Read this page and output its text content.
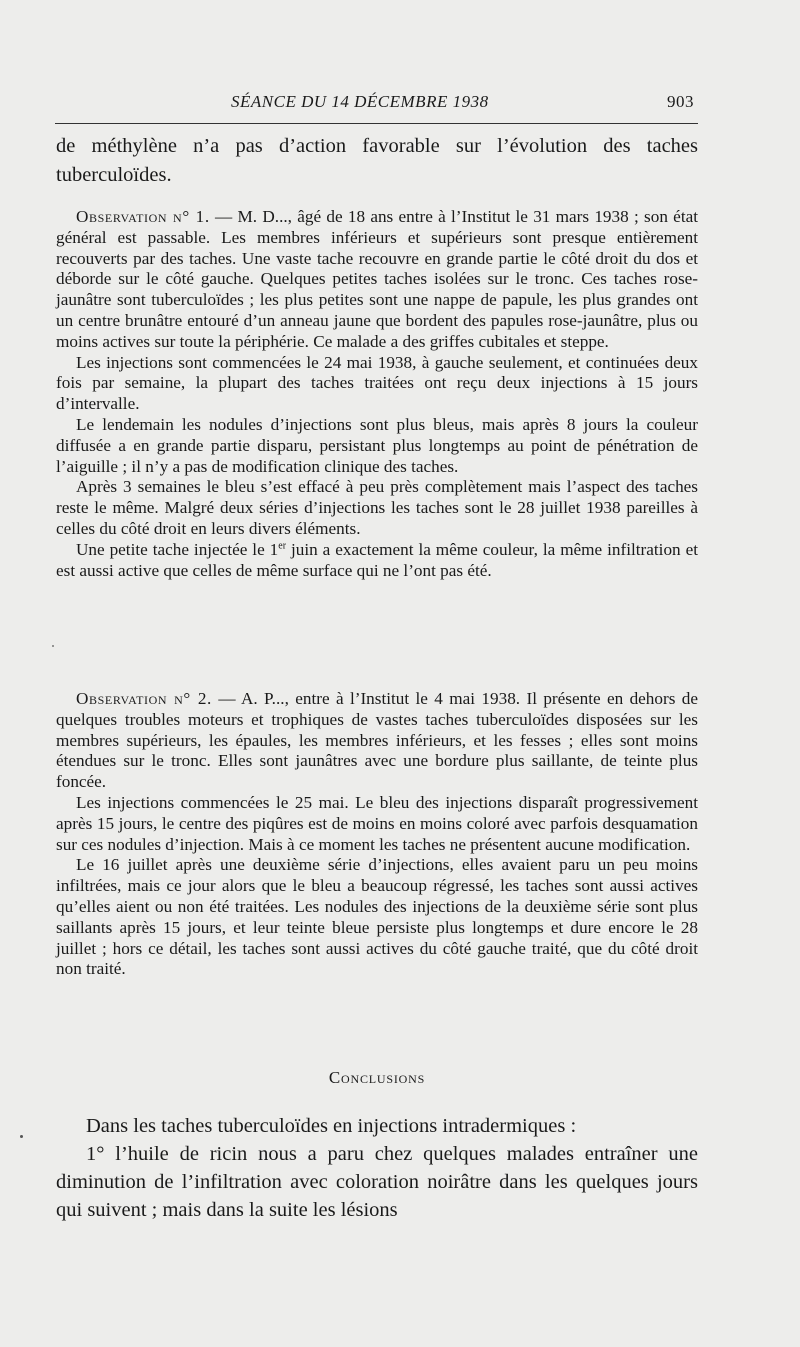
SÉANCE DU 14 DÉCEMBRE 1938	903

de méthylène n’a pas d’action favorable sur l’évolution des taches tuberculoïdes.

Observation n° 1. — M. D..., âgé de 18 ans entre à l’Institut le 31 mars 1938 ; son état général est passable. Les membres inférieurs et supérieurs sont presque entièrement recouverts par des taches. Une vaste tache recouvre en grande partie le côté droit du dos et déborde sur le côté gauche. Quelques petites taches isolées sur le tronc. Ces taches rose-jaunâtre sont tuberculoïdes ; les plus petites sont une nappe de papule, les plus grandes ont un centre brunâtre entouré d’un anneau jaune que bordent des papules rose-jaunâtre, plus ou moins actives sur toute la périphérie. Ce malade a des griffes cubitales et steppe.

Les injections sont commencées le 24 mai 1938, à gauche seulement, et continuées deux fois par semaine, la plupart des taches traitées ont reçu deux injections à 15 jours d’intervalle.

Le lendemain les nodules d’injections sont plus bleus, mais après 8 jours la couleur diffusée a en grande partie disparu, persistant plus longtemps au point de pénétration de l’aiguille ; il n’y a pas de modification clinique des taches.

Après 3 semaines le bleu s’est effacé à peu près complètement mais l’aspect des taches reste le même. Malgré deux séries d’injections les taches sont le 28 juillet 1938 pareilles à celles du côté droit en leurs divers éléments.

Une petite tache injectée le 1er juin a exactement la même couleur, la même infiltration et est aussi active que celles de même surface qui ne l’ont pas été.

Observation n° 2. — A. P..., entre à l’Institut le 4 mai 1938. Il présente en dehors de quelques troubles moteurs et trophiques de vastes taches tuberculoïdes disposées sur les membres supérieurs, les épaules, les membres inférieurs, et les fesses ; elles sont moins étendues sur le tronc. Elles sont jaunâtres avec une bordure plus saillante, de teinte plus foncée.

Les injections commencées le 25 mai. Le bleu des injections disparaît progressivement après 15 jours, le centre des piqûres est de moins en moins coloré avec parfois desquamation sur ces nodules d’injection. Mais à ce moment les taches ne présentent aucune modification.

Le 16 juillet après une deuxième série d’injections, elles avaient paru un peu moins infiltrées, mais ce jour alors que le bleu a beaucoup régressé, les taches sont aussi actives qu’elles aient ou non été traitées. Les nodules des injections de la deuxième série sont plus saillants après 15 jours, et leur teinte bleue persiste plus longtemps et dure encore le 28 juillet ; hors ce détail, les taches sont aussi actives du côté gauche traité, que du côté droit non traité.

Conclusions

Dans les taches tuberculoïdes en injections intradermiques :

1° l’huile de ricin nous a paru chez quelques malades entraîner une diminution de l’infiltration avec coloration noirâtre dans les quelques jours qui suivent ; mais dans la suite les lésions
